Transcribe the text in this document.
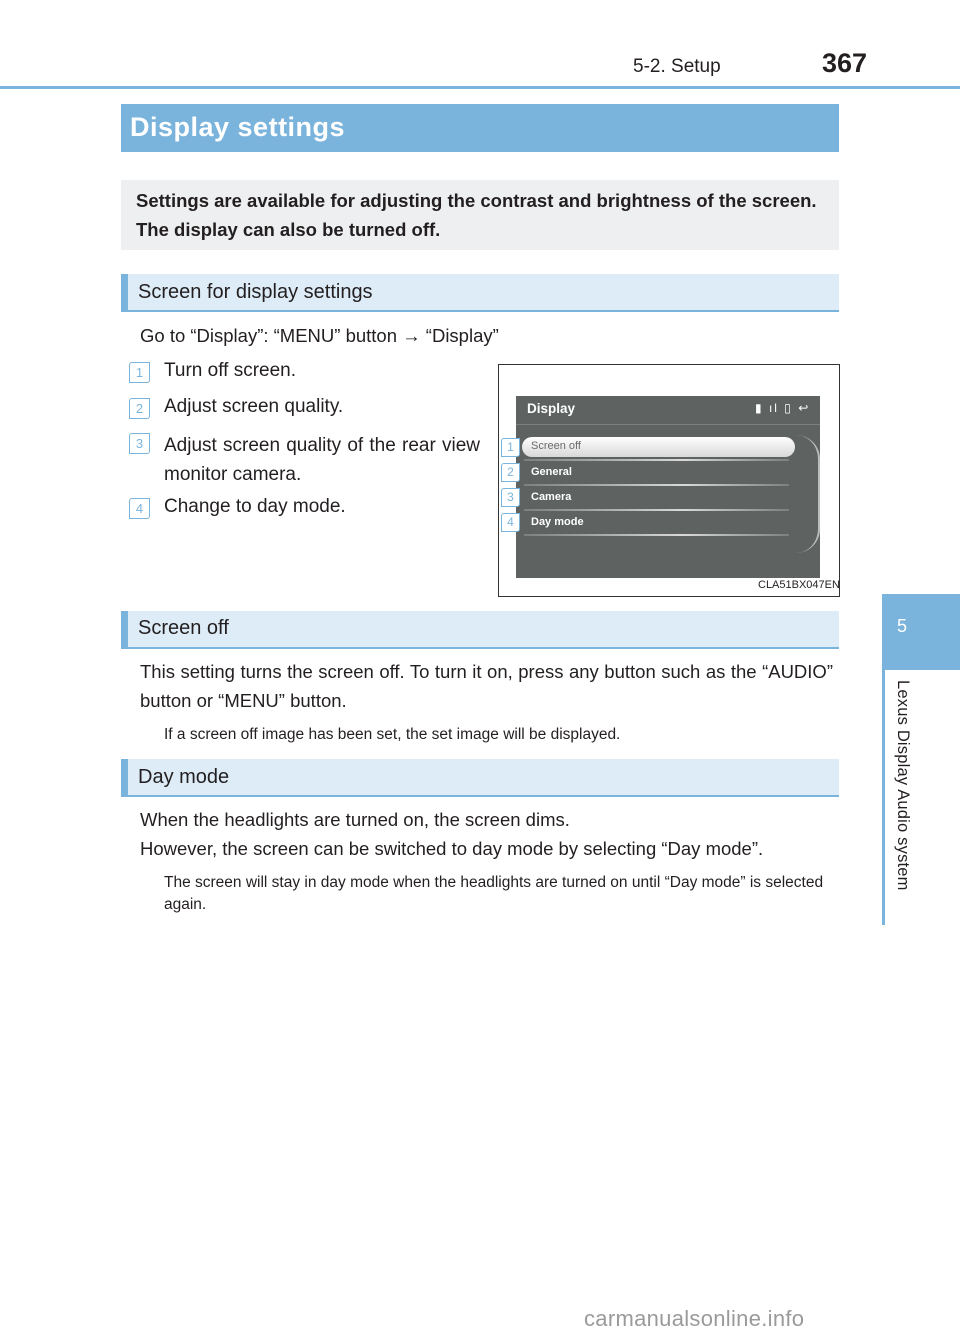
5-2. Setup	367
5
Lexus Display Audio system
Display settings
Settings are available for adjusting the contrast and brightness of the screen. The display can also be turned off.
Screen for display settings
Go to “Display”: “MENU” button → “Display”
1	Turn off screen.
2	Adjust screen quality.
3	Adjust screen quality of the rear view monitor camera.
4	Change to day mode.
Display	▮ ıl ▯ ↩
Screen off
General
Camera
Day mode
1
2
3
4
CLA51BX047EN
Screen off
This setting turns the screen off. To turn it on, press any button such as the “AUDIO” button or “MENU” button.
If a screen off image has been set, the set image will be displayed.
Day mode
When the headlights are turned on, the screen dims.
However, the screen can be switched to day mode by selecting “Day mode”.
The screen will stay in day mode when the headlights are turned on until “Day mode” is selected again.
carmanualsonline.info
